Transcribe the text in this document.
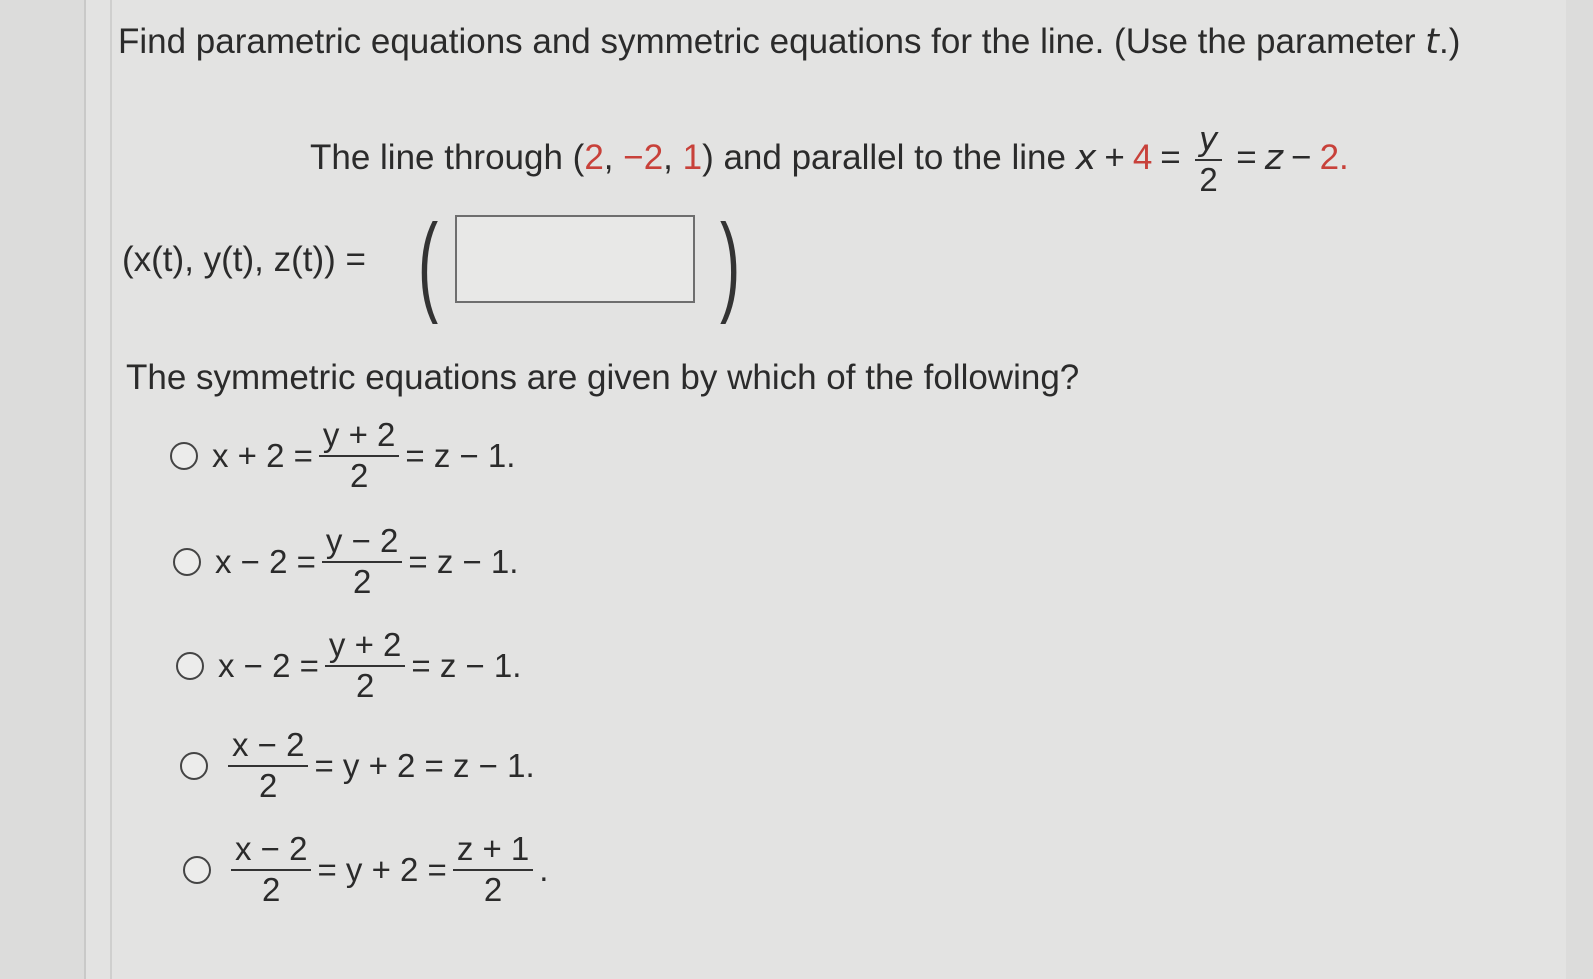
Find parametric equations and symmetric equations for the line. (Use the parameter t.)
The line through (2, −2, 1) and parallel to the line $x + 4 = \frac{y}{2} = z - 2$.
(x(t), y(t), z(t)) = (	)
The symmetric equations are given by which of the following?
$x + 2 = \frac{y + 2}{2} = z - 1$.
$x - 2 = \frac{y - 2}{2} = z - 1$.
$x - 2 = \frac{y + 2}{2} = z - 1$.
$\frac{x - 2}{2} = y + 2 = z - 1$.
$\frac{x - 2}{2} = y + 2 = \frac{z + 1}{2}$ .
